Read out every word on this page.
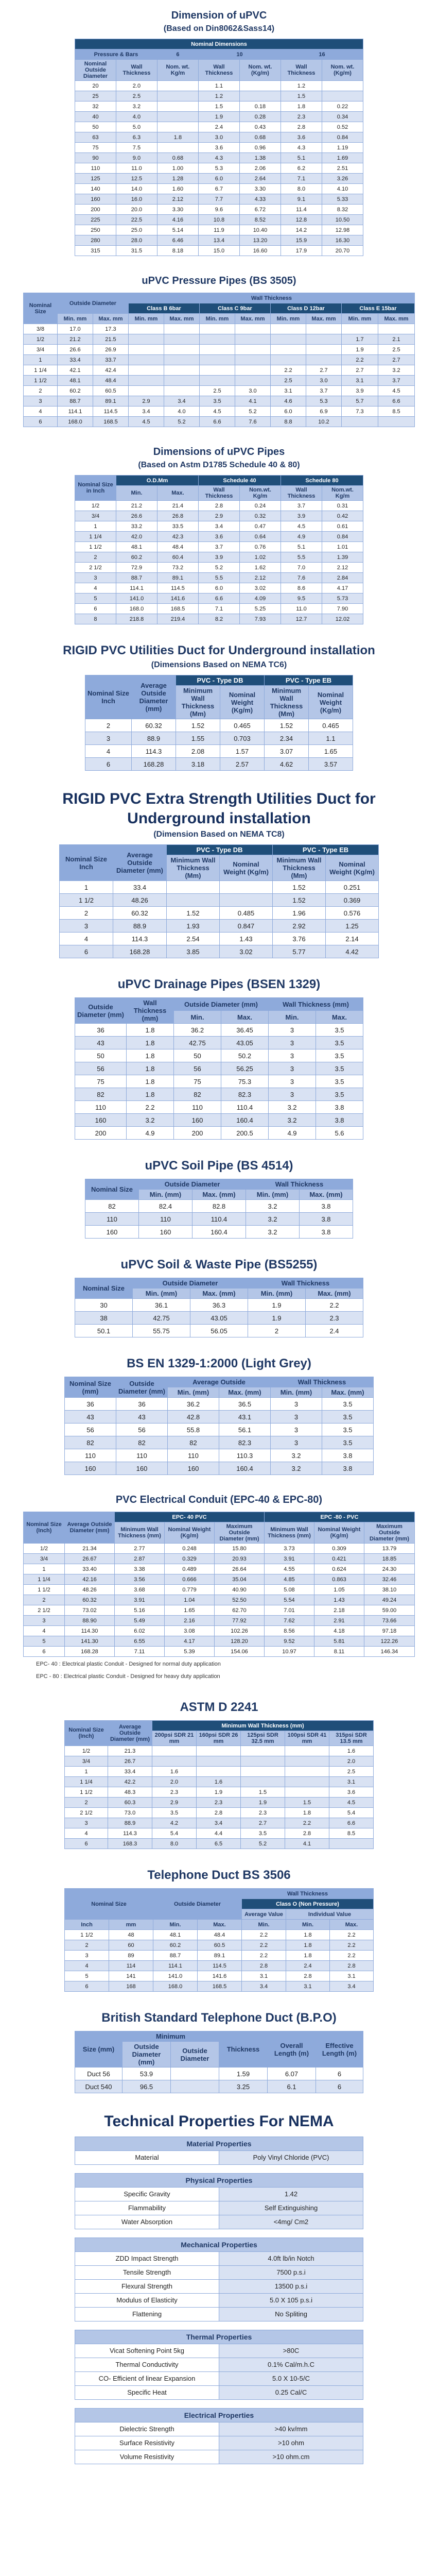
Dimension of uPVC
(Based on Din8062&Sass14)
Nominal Dimensions						
Pressure & Bars		6	10		16	
Nominal Outside Diameter	Wall Thickness	Nom. wt. Kg/m	Wall Thickness	Nom. wt. (Kg/m)	Wall Thickness	Nom. wt. (Kg/m)
20	2.0		1.1		1.2	
25	2.5		1.2		1.5	
32	3.2		1.5	0.18	1.8	0.22
40	4.0		1.9	0.28	2.3	0.34
50	5.0		2.4	0.43	2.8	0.52
63	6.3	1.8	3.0	0.68	3.6	0.84
75	7.5		3.6	0.96	4.3	1.19
90	9.0	0.68	4.3	1.38	5.1	1.69
110	11.0	1.00	5.3	2.06	6.2	2.51
125	12.5	1.28	6.0	2.64	7.1	3.26
140	14.0	1.60	6.7	3.30	8.0	4.10
160	16.0	2.12	7.7	4.33	9.1	5.33
200	20.0	3.30	9.6	6.72	11.4	8.32
225	22.5	4.16	10.8	8.52	12.8	10.50
250	25.0	5.14	11.9	10.40	14.2	12.98
280	28.0	6.46	13.4	13.20	15.9	16.30
315	31.5	8.18	15.0	16.60	17.9	20.70
uPVC Pressure Pipes (BS 3505)
Nominal Size	Outside Diameter		Wall Thickness							
			Class B 6bar		Class C 9bar		Class D 12bar		Class E 15bar	
	Min. mm	Max. mm	Min. mm	Max. mm	Min. mm	Max. mm	Min. mm	Max. mm	Min. mm	Max. mm
3/8	17.0	17.3								
1/2	21.2	21.5							1.7	2.1
3/4	26.6	26.9							1.9	2.5
1	33.4	33.7							2.2	2.7
1 1/4	42.1	42.4					2.2	2.7	2.7	3.2
1 1/2	48.1	48.4					2.5	3.0	3.1	3.7
2	60.2	60.5			2.5	3.0	3.1	3.7	3.9	4.5
3	88.7	89.1	2.9	3.4	3.5	4.1	4.6	5.3	5.7	6.6
4	114.1	114.5	3.4	4.0	4.5	5.2	6.0	6.9	7.3	8.5
6	168.0	168.5	4.5	5.2	6.6	7.6	8.8	10.2		
Dimensions of uPVC Pipes
(Based on Astm D1785 Schedule 40 & 80)
Nominal Size in Inch	O.D.Mm		Schedule 40		Schedule 80	
	Min.	Max.	Wall Thickness	Nom.wt. Kg/m	Wall Thickness	Nom.wt. Kg/m
1/2	21.2	21.4	2.8	0.24	3.7	0.31
3/4	26.6	26.8	2.9	0.32	3.9	0.42
1	33.2	33.5	3.4	0.47	4.5	0.61
1 1/4	42.0	42.3	3.6	0.64	4.9	0.84
1 1/2	48.1	48.4	3.7	0.76	5.1	1.01
2	60.2	60.4	3.9	1.02	5.5	1.39
2 1/2	72.9	73.2	5.2	1.62	7.0	2.12
3	88.7	89.1	5.5	2.12	7.6	2.84
4	114.1	114.5	6.0	3.02	8.6	4.17
5	141.0	141.6	6.6	4.09	9.5	5.73
6	168.0	168.5	7.1	5.25	11.0	7.90
8	218.8	219.4	8.2	7.93	12.7	12.02
RIGID PVC Utilities Duct for Underground installation
(Dimensions Based on NEMA TC6)
Nominal Size Inch	Average Outside Diameter (mm)	PVC - Type DB		PVC - Type EB	
		Minimum Wall Thickness (Mm)	Nominal Weight (Kg/m)	Minimum Wall Thickness (Mm)	Nominal Weight (Kg/m)
2	60.32	1.52	0.465	1.52	0.465
3	88.9	1.55	0.703	2.34	1.1
4	114.3	2.08	1.57	3.07	1.65
6	168.28	3.18	2.57	4.62	3.57
RIGID PVC Extra Strength Utilities Duct for Underground installation
(Dimension Based on NEMA TC8)
Nominal Size Inch	Average Outside Diameter (mm)	PVC - Type DB		PVC - Type EB	
		Minimum Wall Thickness (Mm)	Nominal Weight (Kg/m)	Minimum Wall Thickness (Mm)	Nominal Weight (Kg/m)
1	33.4			1.52	0.251
1 1/2	48.26			1.52	0.369
2	60.32	1.52	0.485	1.96	0.576
3	88.9	1.93	0.847	2.92	1.25
4	114.3	2.54	1.43	3.76	2.14
6	168.28	3.85	3.02	5.77	4.42
uPVC Drainage Pipes (BSEN 1329)
Outside Diameter (mm)	Wall Thickness (mm)	Outside Diameter (mm)		Wall Thickness (mm)	
		Min.	Max.	Min.	Max.
36	1.8	36.2	36.45	3	3.5
43	1.8	42.75	43.05	3	3.5
50	1.8	50	50.2	3	3.5
56	1.8	56	56.25	3	3.5
75	1.8	75	75.3	3	3.5
82	1.8	82	82.3	3	3.5
110	2.2	110	110.4	3.2	3.8
160	3.2	160	160.4	3.2	3.8
200	4.9	200	200.5	4.9	5.6
uPVC Soil Pipe (BS 4514)
Nominal Size	Outside Diameter		Wall Thickness	
	Min. (mm)	Max. (mm)	Min. (mm)	Max. (mm)
82	82.4	82.8	3.2	3.8
110	110	110.4	3.2	3.8
160	160	160.4	3.2	3.8
uPVC Soil & Waste Pipe (BS5255)
Nominal Size	Outside Diameter		Wall Thickness	
	Min. (mm)	Max. (mm)	Min. (mm)	Max. (mm)
30	36.1	36.3	1.9	2.2
38	42.75	43.05	1.9	2.3
50.1	55.75	56.05	2	2.4
BS EN 1329-1:2000 (Light Grey)
Nominal Size (mm)	Outside Diameter (mm)	Average Outside		Wall Thickness	
		Min. (mm)	Max. (mm)	Min. (mm)	Max. (mm)
36	36	36.2	36.5	3	3.5
43	43	42.8	43.1	3	3.5
56	56	55.8	56.1	3	3.5
82	82	82	82.3	3	3.5
110	110	110	110.3	3.2	3.8
160	160	160	160.4	3.2	3.8
PVC Electrical Conduit (EPC-40 & EPC-80)
Nominal Size (Inch)	Average Outside Diameter (mm)	EPC- 40 PVC			EPC -80 - PVC		
		Minimum Wall Thickness (mm)	Nominal Weight (Kg/m)	Maximum Outside Diameter (mm)	Minimum Wall Thickness (mm)	Nominal Weight (Kg/m)	Maximum Outside Diameter (mm)
1/2	21.34	2.77	0.248	15.80	3.73	0.309	13.79
3/4	26.67	2.87	0.329	20.93	3.91	0.421	18.85
1	33.40	3.38	0.489	26.64	4.55	0.624	24.30
1 1/4	42.16	3.56	0.666	35.04	4.85	0.863	32.46
1 1/2	48.26	3.68	0.779	40.90	5.08	1.05	38.10
2	60.32	3.91	1.04	52.50	5.54	1.43	49.24
2 1/2	73.02	5.16	1.65	62.70	7.01	2.18	59.00
3	88.90	5.49	2.16	77.92	7.62	2.91	73.66
4	114.30	6.02	3.08	102.26	8.56	4.18	97.18
5	141.30	6.55	4.17	128.20	9.52	5.81	122.26
6	168.28	7.11	5.39	154.06	10.97	8.11	146.34
EPC- 40 : Electrical plastic Conduit - Designed for normal duty application
EPC - 80 : Electrical plastic Conduit - Designed for heavy duty application
ASTM D 2241
Nominal Size (Inch)	Average Outside Diameter (mm)	Minimum Wall Thickness (mm)				
		200psi SDR 21 mm	160psi SDR 26 mm	125psi SDR 32.5 mm	100psi SDR 41 mm	315psi SDR 13.5 mm
1/2	21.3					1.6
3/4	26.7					2.0
1	33.4	1.6				2.5
1 1/4	42.2	2.0	1.6			3.1
1 1/2	48.3	2.3	1.9	1.5		3.6
2	60.3	2.9	2.3	1.9	1.5	4.5
2 1/2	73.0	3.5	2.8	2.3	1.8	5.4
3	88.9	4.2	3.4	2.7	2.2	6.6
4	114.3	5.4	4.4	3.5	2.8	8.5
6	168.3	8.0	6.5	5.2	4.1	
Telephone Duct BS 3506
Nominal Size		Outside Diameter		Wall Thickness		
				Class O (Non Pressure)		
				Average Value	Individual Value	
Inch	mm	Min.	Max.	Min.	Min.	Max.
1 1/2	48	48.1	48.4	2.2	1.8	2.2
2	60	60.2	60.5	2.2	1.8	2.2
3	89	88.7	89.1	2.2	1.8	2.2
4	114	114.1	114.5	2.8	2.4	2.8
5	141	141.0	141.6	3.1	2.8	3.1
6	168	168.0	168.5	3.4	3.1	3.4
British Standard Telephone Duct (B.P.O)
Size (mm)	Minimum		Thickness	Overall Length (m)	Effective Length (m)
	Outside Diameter (mm)	Outside Diameter			
Duct 56	53.9		1.59	6.07	6
Duct 540	96.5		3.25	6.1	6
Technical Properties For NEMA
Material Properties	
Material	Poly Vinyl Chloride (PVC)

Physical Properties	
Specific Gravity	1.42
Flammability	Self Extinguishing
Water Absorption	<4mg/ Cm2

Mechanical Properties	
ZDD Impact Strength	4.0ft lb/in Notch
Tensile Strength	7500 p.s.i
Flexural Strength	13500 p.s.i
Modulus of Elasticity	5.0 X 105 p.s.i
Flattening	No Spliting

Thermal Properties	
Vicat Softening Point 5kg	>80C
Thermal Conductivity	0.1% Cal/m.h.C
CO- Efficient of linear Expansion	5.0 X 10-5/C
Specific Heat	0.25 Cal/C

Electrical Properties	
Dielectric Strength	>40 kv/mm
Surface Resistivity	>10 ohm
Volume Resistivity	>10 ohm.cm
